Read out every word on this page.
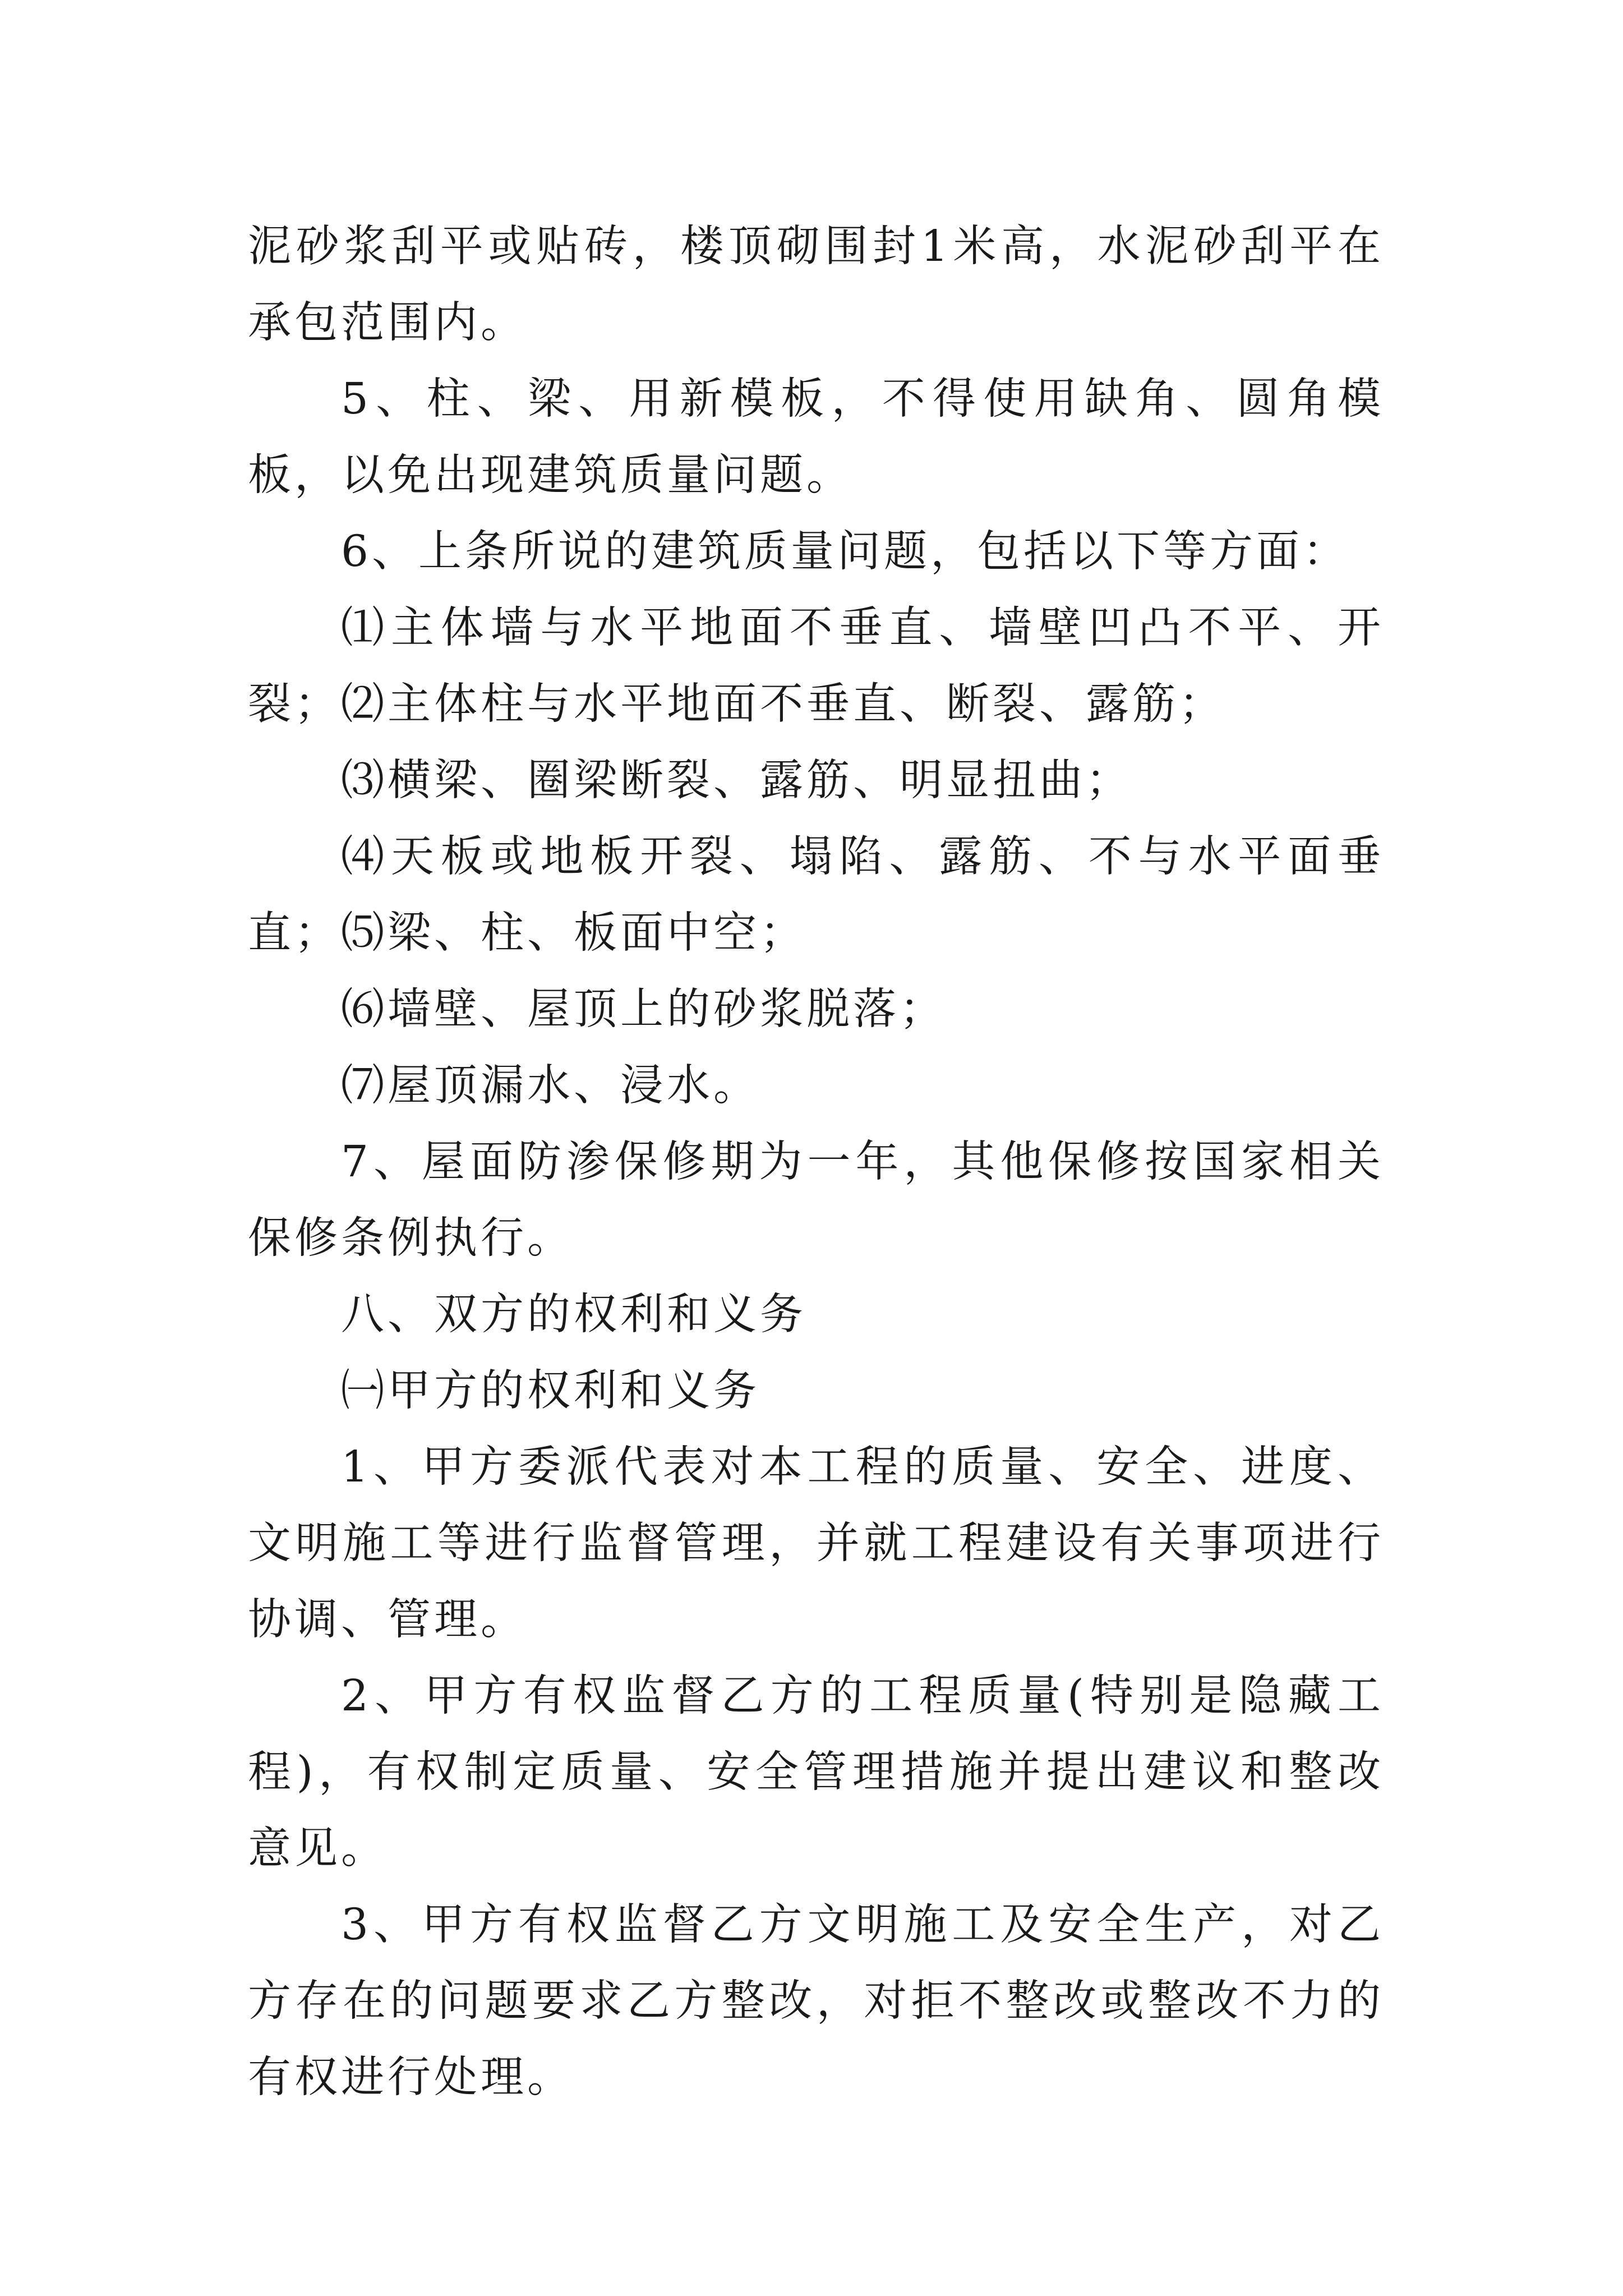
泥砂浆刮平或贴砖，楼顶砌围封1米高，水泥砂刮平在承包范围内。

5、柱、梁、用新模板，不得使用缺角、圆角模板，以免出现建筑质量问题。

6、上条所说的建筑质量问题，包括以下等方面：

⑴主体墙与水平地面不垂直、墙壁凹凸不平、开裂；⑵主体柱与水平地面不垂直、断裂、露筋；

⑶横梁、圈梁断裂、露筋、明显扭曲；

⑷天板或地板开裂、塌陷、露筋、不与水平面垂直；⑸梁、柱、板面中空；

⑹墙壁、屋顶上的砂浆脱落；

⑺屋顶漏水、浸水。

7、屋面防渗保修期为一年，其他保修按国家相关保修条例执行。

八、双方的权利和义务

㈠甲方的权利和义务

1、甲方委派代表对本工程的质量、安全、进度、文明施工等进行监督管理，并就工程建设有关事项进行协调、管理。

2、甲方有权监督乙方的工程质量(特别是隐藏工程)，有权制定质量、安全管理措施并提出建议和整改意见。

3、甲方有权监督乙方文明施工及安全生产，对乙方存在的问题要求乙方整改，对拒不整改或整改不力的有权进行处理。
